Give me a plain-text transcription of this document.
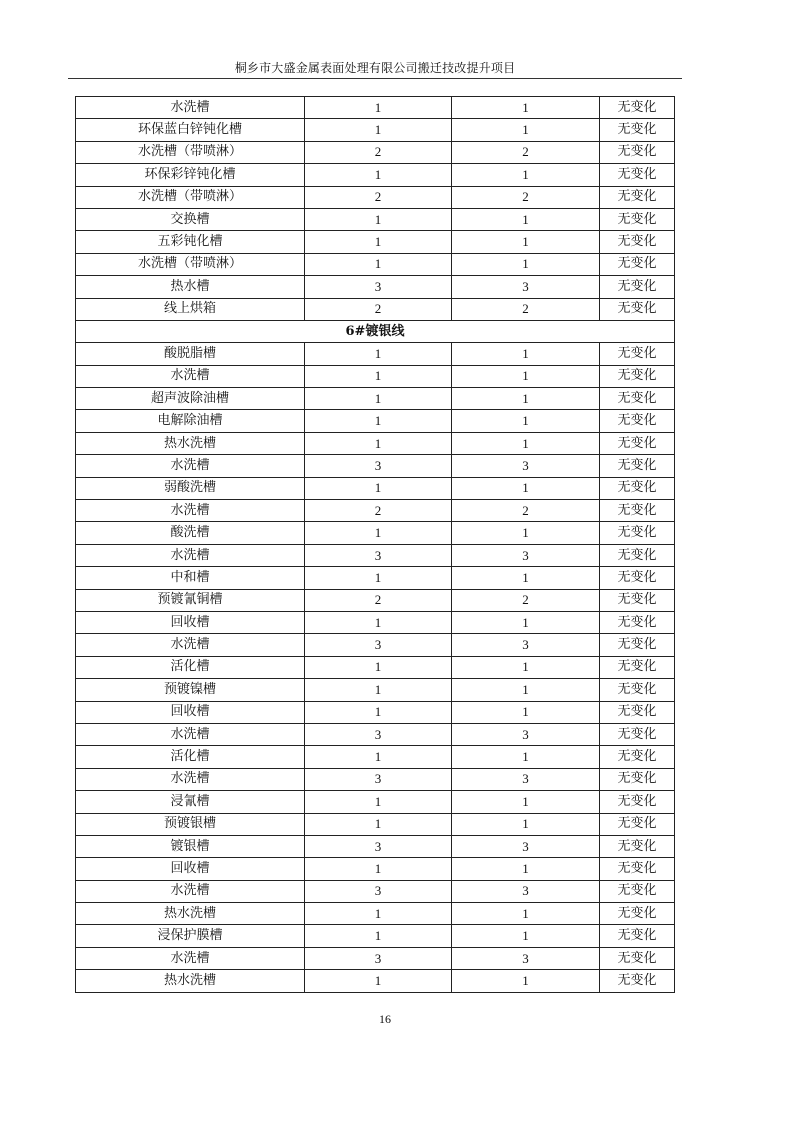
桐乡市大盛金属表面处理有限公司搬迁技改提升项目
水洗槽	1	1	无变化
环保蓝白锌钝化槽	1	1	无变化
水洗槽（带喷淋）	2	2	无变化
环保彩锌钝化槽	1	1	无变化
水洗槽（带喷淋）	2	2	无变化
交换槽	1	1	无变化
五彩钝化槽	1	1	无变化
水洗槽（带喷淋）	1	1	无变化
热水槽	3	3	无变化
线上烘箱	2	2	无变化
6#镀银线			
酸脱脂槽	1	1	无变化
水洗槽	1	1	无变化
超声波除油槽	1	1	无变化
电解除油槽	1	1	无变化
热水洗槽	1	1	无变化
水洗槽	3	3	无变化
弱酸洗槽	1	1	无变化
水洗槽	2	2	无变化
酸洗槽	1	1	无变化
水洗槽	3	3	无变化
中和槽	1	1	无变化
预镀氰铜槽	2	2	无变化
回收槽	1	1	无变化
水洗槽	3	3	无变化
活化槽	1	1	无变化
预镀镍槽	1	1	无变化
回收槽	1	1	无变化
水洗槽	3	3	无变化
活化槽	1	1	无变化
水洗槽	3	3	无变化
浸氰槽	1	1	无变化
预镀银槽	1	1	无变化
镀银槽	3	3	无变化
回收槽	1	1	无变化
水洗槽	3	3	无变化
热水洗槽	1	1	无变化
浸保护膜槽	1	1	无变化
水洗槽	3	3	无变化
热水洗槽	1	1	无变化
16
